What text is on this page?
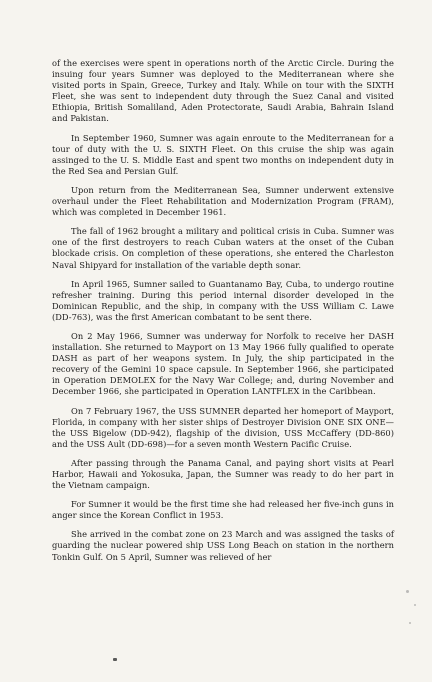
of the exercises were spent in operations north of the Arctic Circle. During the insuing four years Sumner was deployed to the Mediterranean where she visited ports in Spain, Greece, Turkey and Italy. While on tour with the SIXTH Fleet, she was sent to independent duty through the Suez Canal and visited Ethiopia, British Somaliland, Aden Protectorate, Saudi Arabia, Bahrain Island and Pakistan.

In September 1960, Sumner was again enroute to the Mediterranean for a tour of duty with the U. S. SIXTH Fleet. On this cruise the ship was again assinged to the U. S. Middle East and spent two months on independent duty in the Red Sea and Persian Gulf.

Upon return from the Mediterranean Sea, Sumner underwent extensive overhaul under the Fleet Rehabilitation and Modernization Program (FRAM), which was completed in December 1961.

The fall of 1962 brought a military and political crisis in Cuba. Sumner was one of the first destroyers to reach Cuban waters at the onset of the Cuban blockade crisis. On completion of these operations, she entered the Charleston Naval Shipyard for installation of the variable depth sonar.

In April 1965, Sumner sailed to Guantanamo Bay, Cuba, to undergo routine refresher training. During this period internal disorder developed in the Dominican Republic, and the ship, in company with the USS William C. Lawe (DD-763), was the first American combatant to be sent there.

On 2 May 1966, Sumner was underway for Norfolk to receive her DASH installation. She returned to Mayport on 13 May 1966 fully qualified to operate DASH as part of her weapons system. In July, the ship participated in the recovery of the Gemini 10 space capsule. In September 1966, she participated in Operation DEMOLEX for the Navy War College; and, during November and December 1966, she participated in Operation LANTFLEX in the Caribbean.

On 7 February 1967, the USS SUMNER departed her homeport of Mayport, Florida, in company with her sister ships of Destroyer Division ONE SIX ONE—the USS Bigelow (DD-942), flagship of the division, USS McCaffery (DD-860) and the USS Ault (DD-698)—for a seven month Western Pacific Cruise.

After passing through the Panama Canal, and paying short visits at Pearl Harbor, Hawaii and Yokosuka, Japan, the Sumner was ready to do her part in the Vietnam campaign.

For Sumner it would be the first time she had released her five-inch guns in anger since the Korean Conflict in 1953.

She arrived in the combat zone on 23 March and was assigned the tasks of guarding the nuclear powered ship USS Long Beach on station in the northern Tonkin Gulf. On 5 April, Sumner was relieved of her
